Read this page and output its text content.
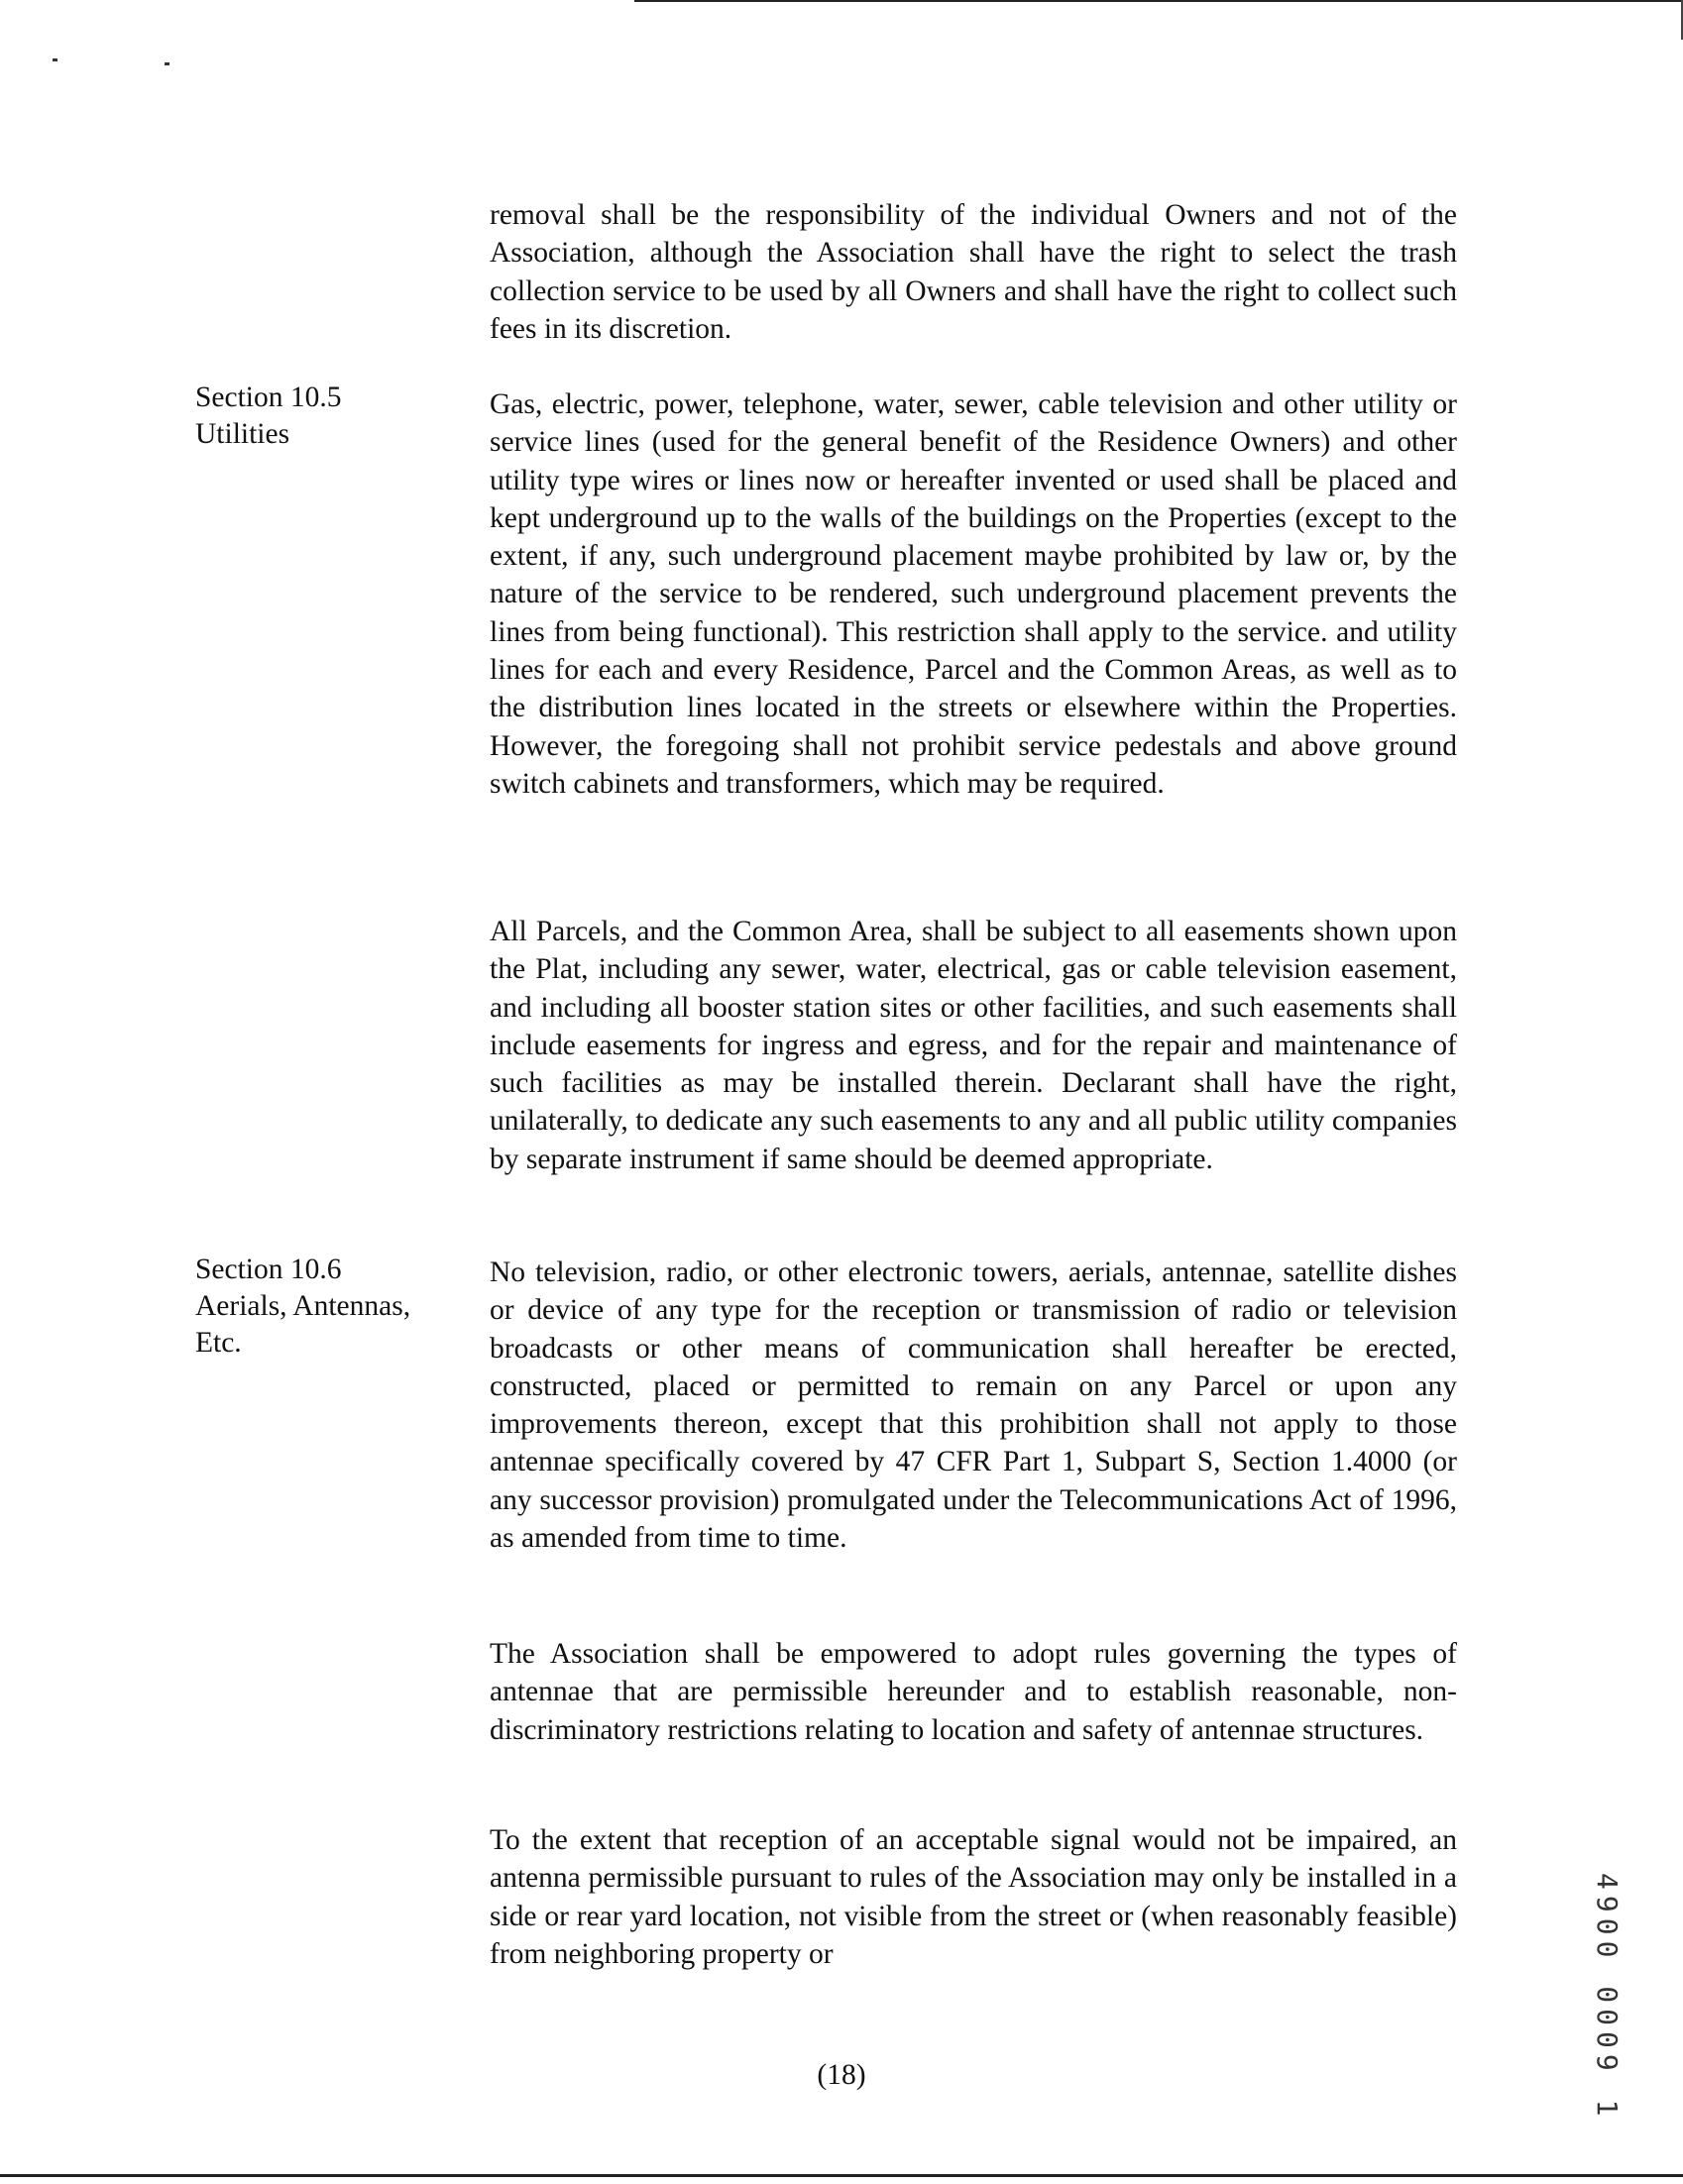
removal shall be the responsibility of the individual Owners and not of the Association, although the Association shall have the right to select the trash collection service to be used by all Owners and shall have the right to collect such fees in its discretion.

Section 10.5
Utilities

Gas, electric, power, telephone, water, sewer, cable television and other utility or service lines (used for the general benefit of the Residence Owners) and other utility type wires or lines now or hereafter invented or used shall be placed and kept underground up to the walls of the buildings on the Properties (except to the extent, if any, such underground placement maybe prohibited by law or, by the nature of the service to be rendered, such underground placement prevents the lines from being functional). This restriction shall apply to the service. and utility lines for each and every Residence, Parcel and the Common Areas, as well as to the distribution lines located in the streets or elsewhere within the Properties. However, the foregoing shall not prohibit service pedestals and above ground switch cabinets and transformers, which may be required.

All Parcels, and the Common Area, shall be subject to all easements shown upon the Plat, including any sewer, water, electrical, gas or cable television easement, and including all booster station sites or other facilities, and such easements shall include easements for ingress and egress, and for the repair and maintenance of such facilities as may be installed therein. Declarant shall have the right, unilaterally, to dedicate any such easements to any and all public utility companies by separate instrument if same should be deemed appropriate.

Section 10.6
Aerials, Antennas,
Etc.

No television, radio, or other electronic towers, aerials, antennae, satellite dishes or device of any type for the reception or transmission of radio or television broadcasts or other means of communication shall hereafter be erected, constructed, placed or permitted to remain on any Parcel or upon any improvements thereon, except that this prohibition shall not apply to those antennae specifically covered by 47 CFR Part 1, Subpart S, Section 1.4000 (or any successor provision) promulgated under the Telecommunications Act of 1996, as amended from time to time.

The Association shall be empowered to adopt rules governing the types of antennae that are permissible hereunder and to establish reasonable, non-discriminatory restrictions relating to location and safety of antennae structures.

To the extent that reception of an acceptable signal would not be impaired, an antenna permissible pursuant to rules of the Association may only be installed in a side or rear yard location, not visible from the street or (when reasonably feasible) from neighboring property or	4900 0009 1
(18)
